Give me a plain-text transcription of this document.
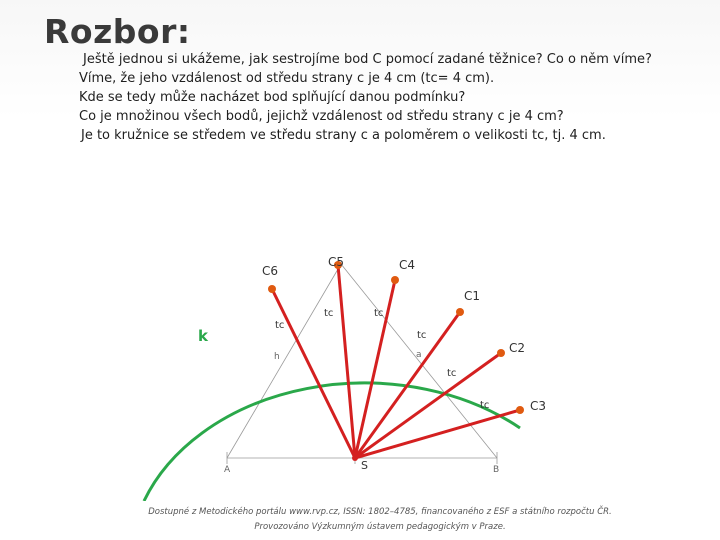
Rozbor:

Ještě jednou si ukážeme, jak sestrojíme bod C pomocí zadané těžnice? Co o něm víme?

Víme, že jeho vzdálenost od středu strany c je 4 cm (tc= 4 cm).

Kde se tedy může nacházet bod splňující danou podmínku?

Co je množinou všech bodů, jejichž vzdálenost od středu strany c je 4 cm?

Je to kružnice se středem ve středu strany c a poloměrem o velikosti tc, tj. 4 cm.

C1
tc
C2
tc
C3
tc
C4
tc
C5
tc
C6
tc
k
S
A	B
h	a
Dostupné z Metodického portálu www.rvp.cz, ISSN: 1802–4785, financovaného z ESF a státního rozpočtu ČR.
Provozováno Výzkumným ústavem pedagogickým v Praze.
